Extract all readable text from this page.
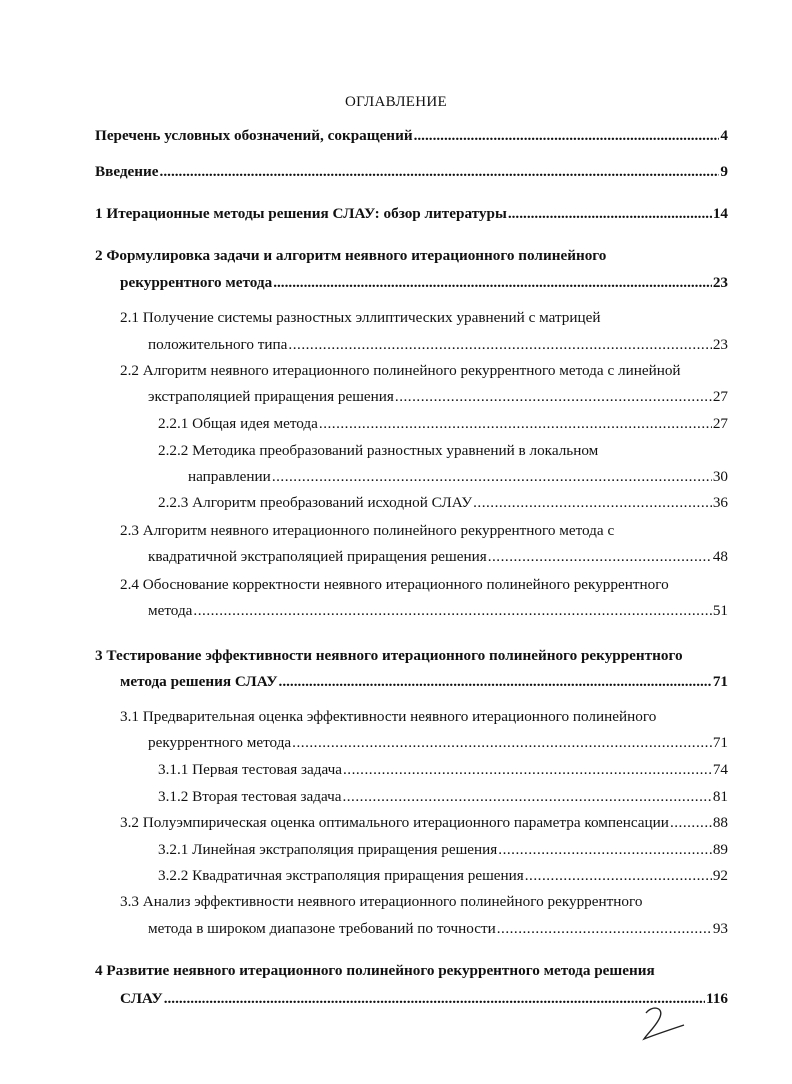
ОГЛАВЛЕНИЕ
Перечень условных обозначений, сокращений .....	4
Введение .....	9
1 Итерационные методы решения СЛАУ: обзор литературы .....	14
2 Формулировка задачи и алгоритм неявного итерационного полинейного
рекуррентного метода .....	23
2.1 Получение системы разностных эллиптических уравнений с матрицей
положительного типа .....	23
2.2 Алгоритм неявного итерационного полинейного рекуррентного метода с линейной
экстраполяцией приращения решения .....	27
2.2.1 Общая идея метода .....	27
2.2.2 Методика преобразований разностных уравнений в локальном
направлении .....	30
2.2.3 Алгоритм преобразований исходной СЛАУ .....	36
2.3 Алгоритм неявного итерационного полинейного рекуррентного метода с
квадратичной экстраполяцией приращения решения .....	48
2.4 Обоснование корректности неявного итерационного полинейного рекуррентного
метода .....	51
3 Тестирование эффективности неявного итерационного полинейного рекуррентного
метода решения СЛАУ .....	71
3.1 Предварительная оценка эффективности неявного итерационного полинейного
рекуррентного метода .....	71
3.1.1 Первая тестовая задача .....	74
3.1.2 Вторая тестовая задача .....	81
3.2 Полуэмпирическая оценка оптимального итерационного параметра компенсации .....	88
3.2.1 Линейная экстраполяция приращения решения .....	89
3.2.2 Квадратичная экстраполяция приращения решения .....	92
3.3 Анализ эффективности неявного итерационного полинейного рекуррентного
метода в широком диапазоне требований по точности .....	93
4 Развитие неявного итерационного полинейного рекуррентного метода решения
СЛАУ .....	116
